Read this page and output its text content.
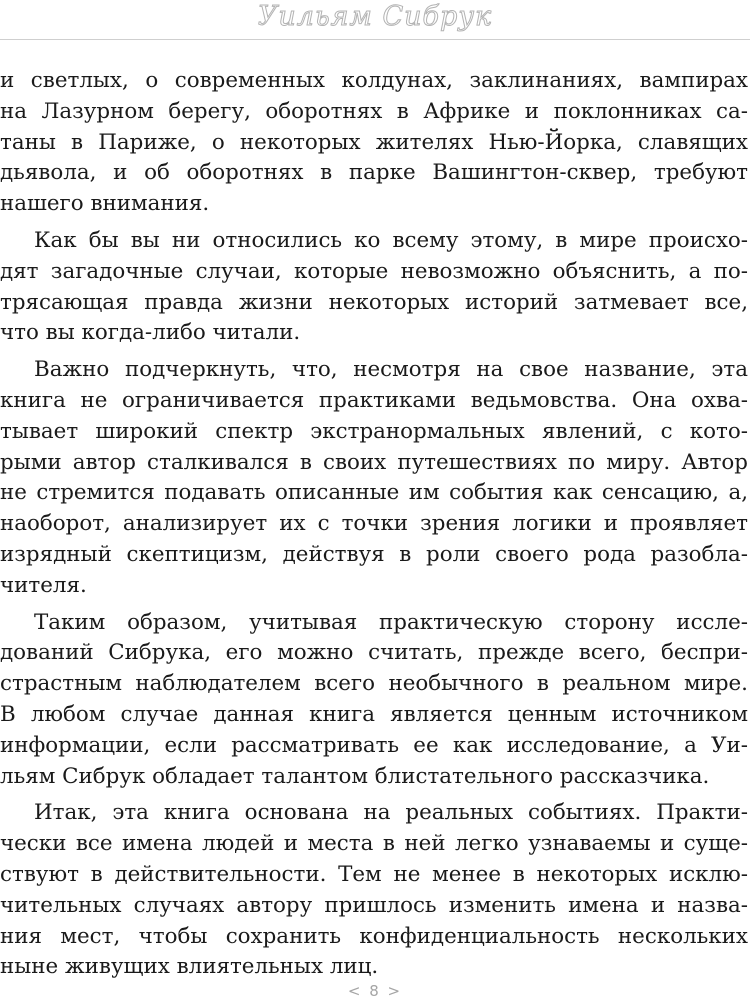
Уильям Сибрук

и светлых, о современных колдунах, заклинаниях, вампирах
на Лазурном берегу, оборотнях в Африке и поклонниках са-
таны в Париже, о некоторых жителях Нью-Йорка, славящих
дьявола, и об оборотнях в парке Вашингтон-сквер, требуют
нашего внимания.

Как бы вы ни относились ко всему этому, в мире происхо-
дят загадочные случаи, которые невозможно объяснить, а по-
трясающая правда жизни некоторых историй затмевает все,
что вы когда-либо читали.

Важно подчеркнуть, что, несмотря на свое название, эта
книга не ограничивается практиками ведьмовства. Она охва-
тывает широкий спектр экстранормальных явлений, с кото-
рыми автор сталкивался в своих путешествиях по миру. Автор
не стремится подавать описанные им события как сенсацию, а,
наоборот, анализирует их с точки зрения логики и проявляет
изрядный скептицизм, действуя в роли своего рода разобла-
чителя.

Таким образом, учитывая практическую сторону иссле-
дований Сибрука, его можно считать, прежде всего, беспри-
страстным наблюдателем всего необычного в реальном мире.
В любом случае данная книга является ценным источником
информации, если рассматривать ее как исследование, а Уи-
льям Сибрук обладает талантом блистательного рассказчика.

Итак, эта книга основана на реальных событиях. Практи-
чески все имена людей и места в ней легко узнаваемы и суще-
ствуют в действительности. Тем не менее в некоторых исклю-
чительных случаях автору пришлось изменить имена и назва-
ния мест, чтобы сохранить конфиденциальность нескольких
ныне живущих влиятельных лиц.

< 8 >
